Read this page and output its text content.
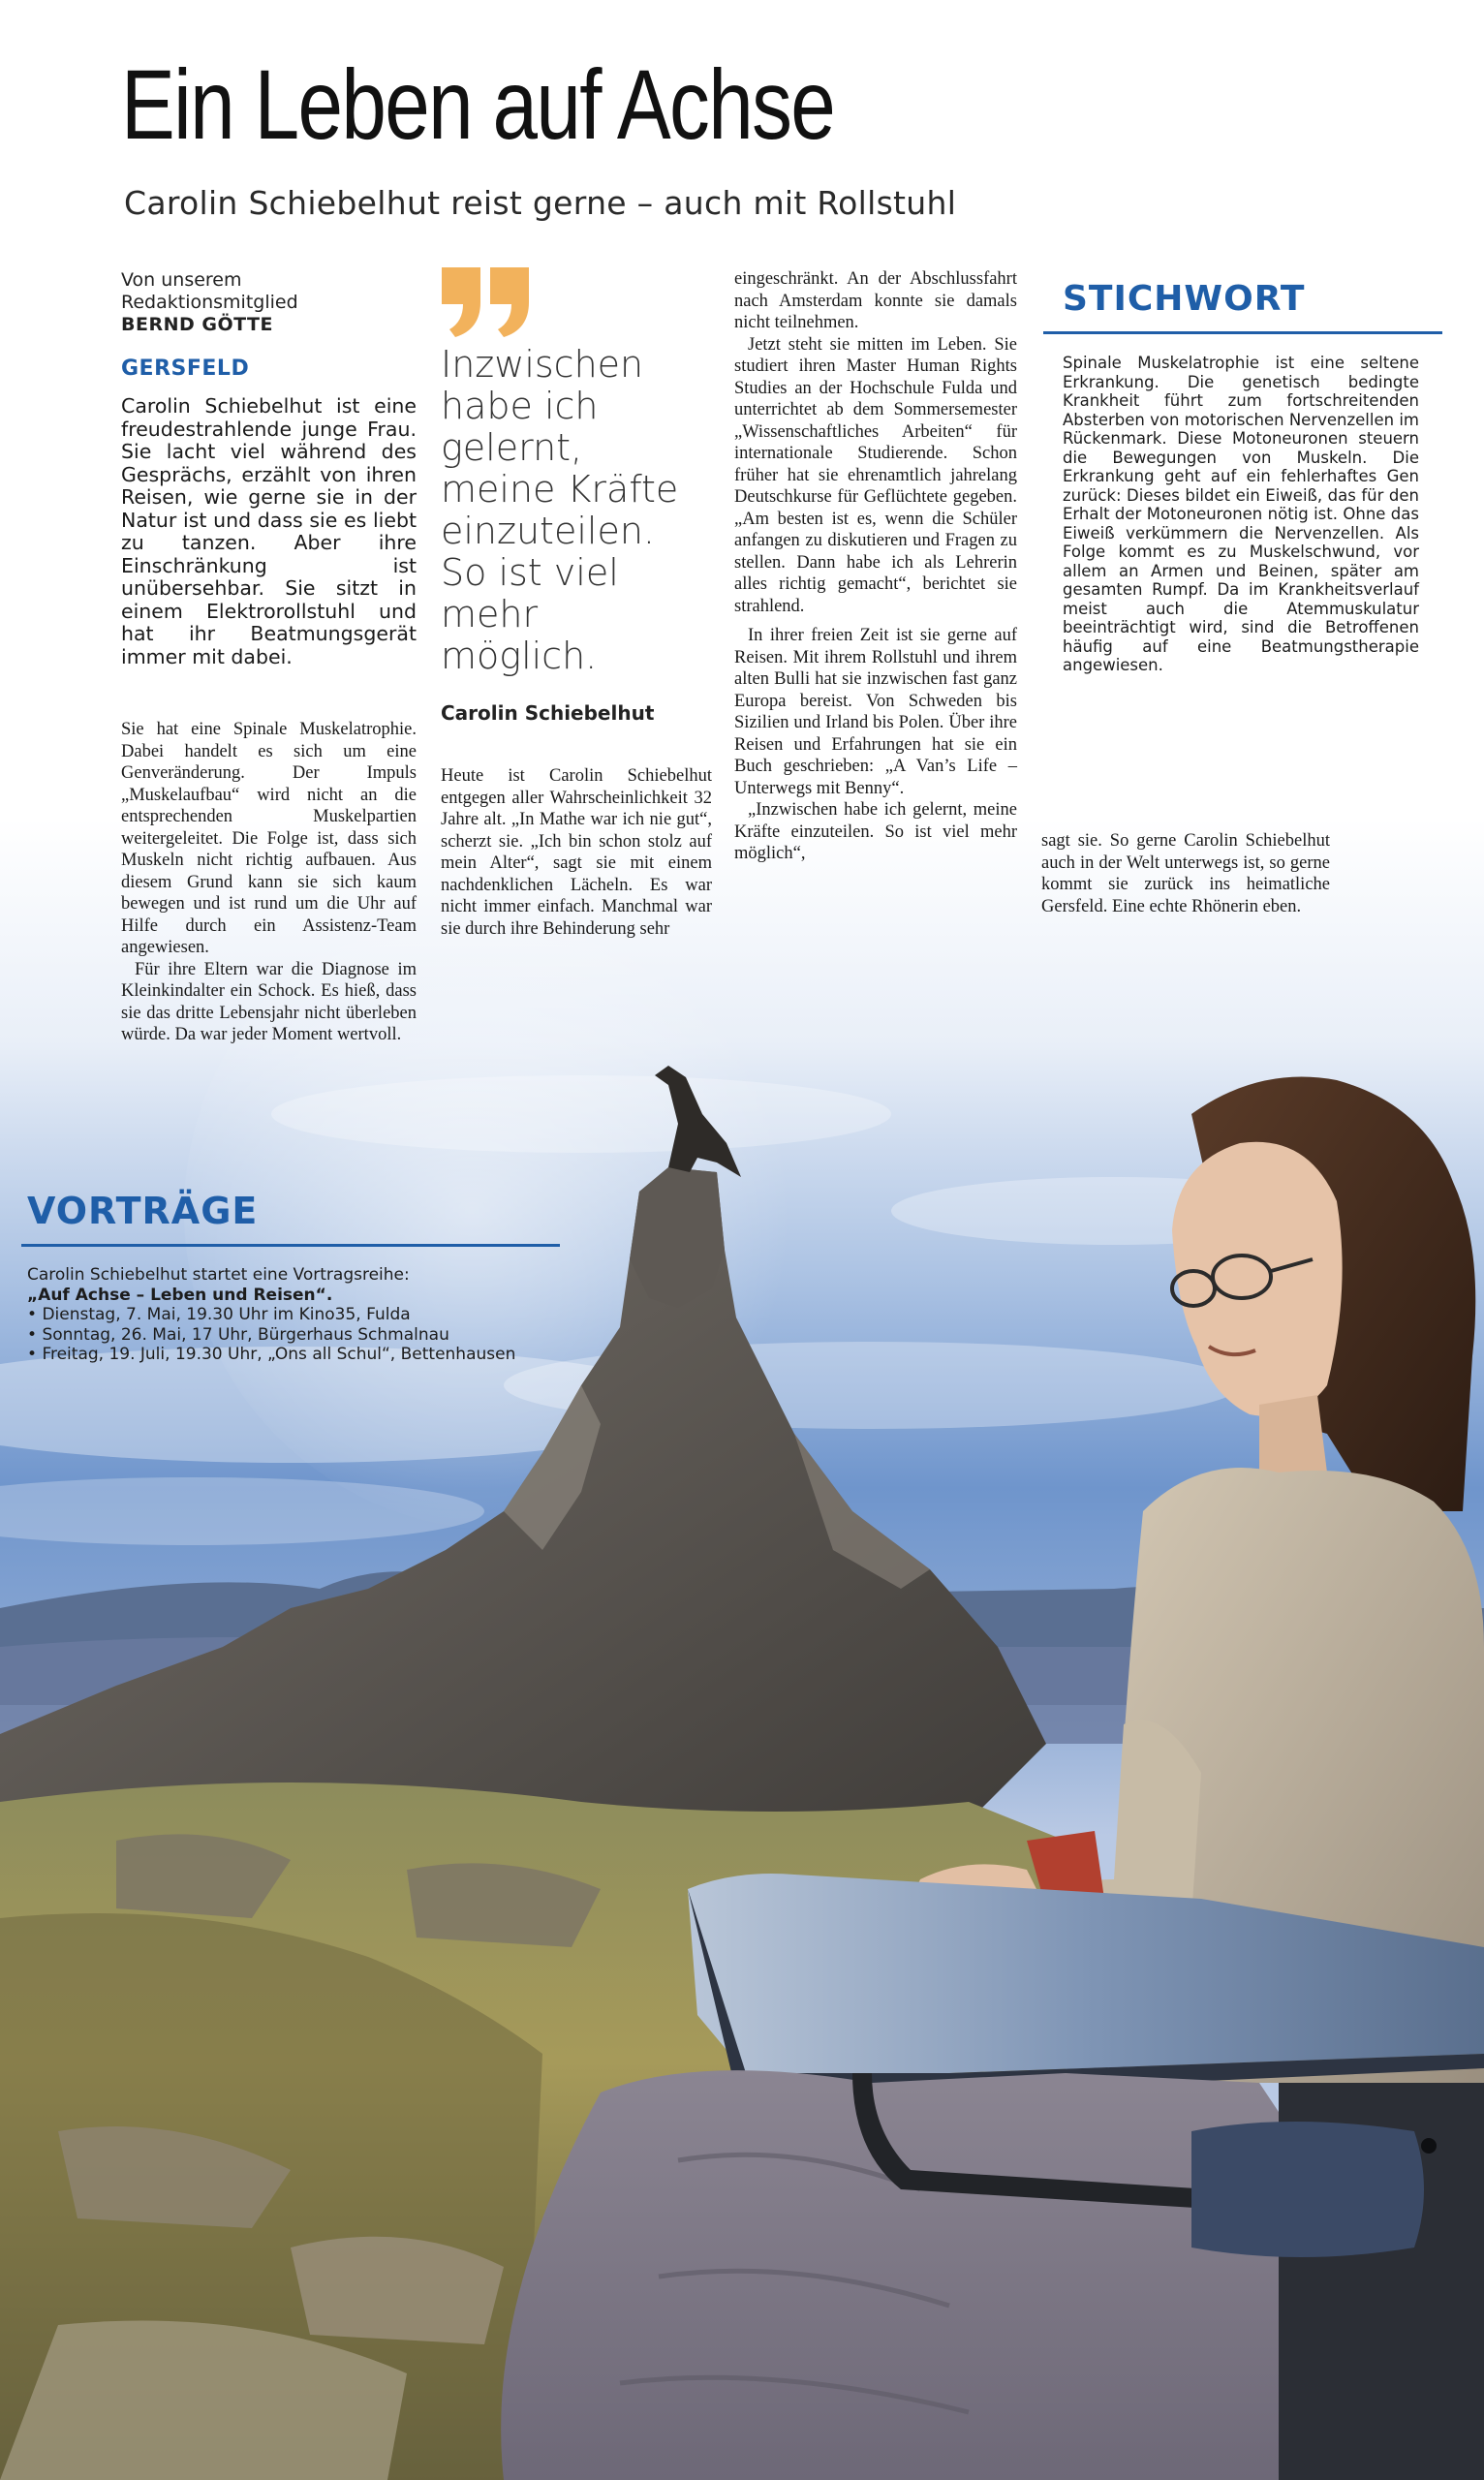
Ein Leben auf Achse
Carolin Schiebelhut reist gerne – auch mit Rollstuhl
Von unserem
Redaktionsmitglied
BERND GÖTTE
GERSFELD

Carolin Schiebelhut ist eine freudestrahlende junge Frau. Sie lacht viel während des Gesprächs, erzählt von ihren Reisen, wie gerne sie in der Natur ist und dass sie es liebt zu tanzen. Aber ihre Einschränkung ist unübersehbar. Sie sitzt in einem Elektrorollstuhl und hat ihr Beatmungsgerät immer mit dabei.

Sie hat eine Spinale Muskelatrophie. Dabei handelt es sich um eine Genveränderung. Der Impuls „Muskelaufbau“ wird nicht an die entsprechenden Muskelpartien weitergeleitet. Die Folge ist, dass sich Muskeln nicht richtig aufbauen. Aus diesem Grund kann sie sich kaum bewegen und ist rund um die Uhr auf Hilfe durch ein Assistenz-Team angewiesen.

Für ihre Eltern war die Diagnose im Kleinkindalter ein Schock. Es hieß, dass sie das dritte Lebensjahr nicht überleben würde. Da war jeder Moment wertvoll.

Heute ist Carolin Schiebelhut entgegen aller Wahrscheinlichkeit 32 Jahre alt. „In Mathe war ich nie gut“, scherzt sie. „Ich bin schon stolz auf mein Alter“, sagt sie mit einem nachdenklichen Lächeln. Es war nicht immer einfach. Manchmal war sie durch ihre Behinderung sehr

eingeschränkt. An der Abschlussfahrt nach Amsterdam konnte sie damals nicht teilnehmen.

Jetzt steht sie mitten im Leben. Sie studiert ihren Master Human Rights Studies an der Hochschule Fulda und unterrichtet ab dem Sommersemester „Wissenschaftliches Arbeiten“ für internationale Studierende. Schon früher hat sie ehrenamtlich jahrelang Deutschkurse für Geflüchtete gegeben. „Am besten ist es, wenn die Schüler anfangen zu diskutieren und Fragen zu stellen. Dann habe ich als Lehrerin alles richtig gemacht“, berichtet sie strahlend.

In ihrer freien Zeit ist sie gerne auf Reisen. Mit ihrem Rollstuhl und ihrem alten Bulli hat sie inzwischen fast ganz Europa bereist. Von Schweden bis Sizilien und Irland bis Polen. Über ihre Reisen und Erfahrungen hat sie ein Buch geschrieben: „A Van’s Life – Unterwegs mit Benny“.

„Inzwischen habe ich gelernt, meine Kräfte einzuteilen. So ist viel mehr möglich“,

sagt sie. So gerne Carolin Schiebelhut auch in der Welt unterwegs ist, so gerne kommt sie zurück ins heimatliche Gersfeld. Eine echte Rhönerin eben.

Inzwischen habe ich gelernt, meine Kräfte einzuteilen. So ist viel mehr möglich.
Carolin Schiebelhut
STICHWORT
Spinale Muskelatrophie ist eine seltene Erkrankung. Die genetisch bedingte Krankheit führt zum fortschreitenden Absterben von motorischen Nervenzellen im Rückenmark. Diese Motoneuronen steuern die Bewegungen von Muskeln. Die Erkrankung geht auf ein fehlerhaftes Gen zurück: Dieses bildet ein Eiweiß, das für den Erhalt der Motoneuronen nötig ist. Ohne das Eiweiß verkümmern die Nervenzellen. Als Folge kommt es zu Muskelschwund, vor allem an Armen und Beinen, später am gesamten Rumpf. Da im Krankheitsverlauf meist auch die Atemmuskulatur beeinträchtigt wird, sind die Betroffenen häufig auf eine Beatmungstherapie angewiesen.
VORTRÄGE
Carolin Schiebelhut startet eine Vortragsreihe:
„Auf Achse – Leben und Reisen“.
• Dienstag, 7. Mai, 19.30 Uhr im Kino35, Fulda
• Sonntag, 26. Mai, 17 Uhr, Bürgerhaus Schmalnau
• Freitag, 19. Juli, 19.30 Uhr, „Ons all Schul“, Bettenhausen
